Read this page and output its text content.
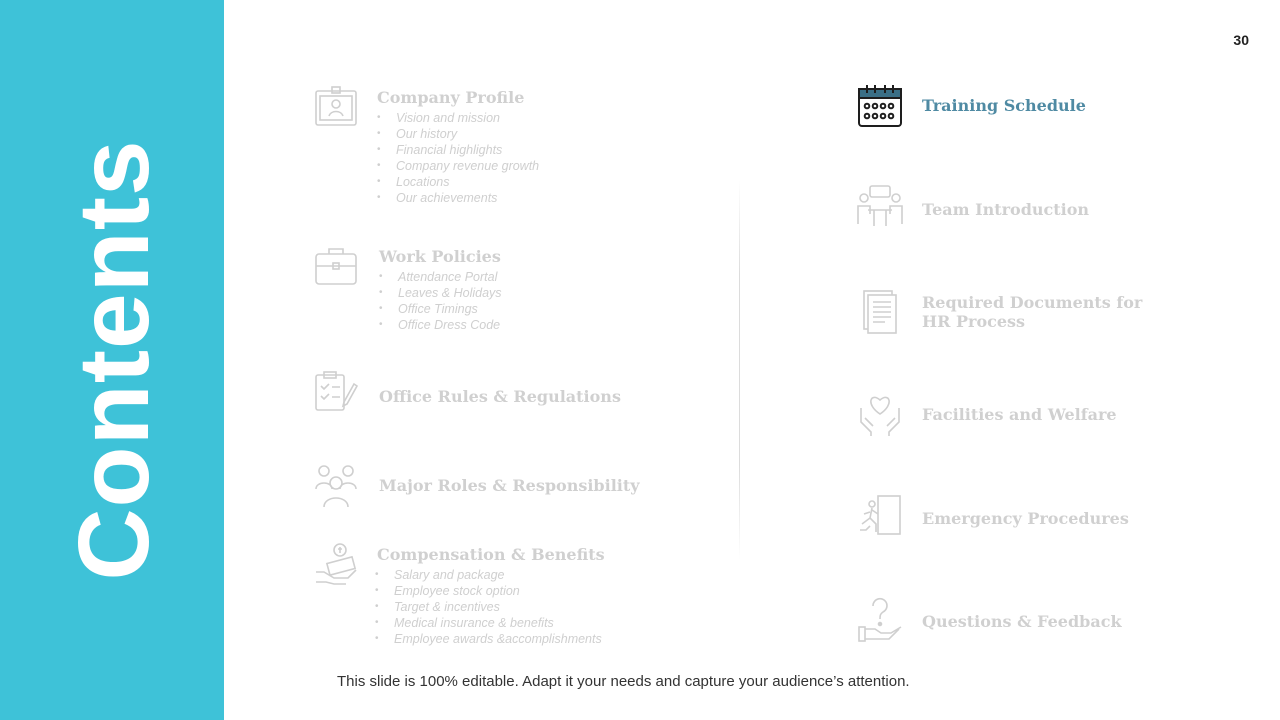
Contents
30
Company Profile
• Vision and mission
• Our history
• Financial highlights
• Company revenue growth
• Locations
• Our achievements
Work Policies
• Attendance Portal
• Leaves & Holidays
• Office Timings
• Office Dress Code
Office Rules & Regulations
Major Roles & Responsibility
Compensation & Benefits
• Salary and package
• Employee stock option
• Target & incentives
• Medical insurance & benefits
• Employee awards &accomplishments
Training Schedule
Team Introduction
Required Documents for
HR Process
Facilities and Welfare
Emergency Procedures
Questions & Feedback
This slide is 100% editable. Adapt it your needs and capture your audience’s attention.
